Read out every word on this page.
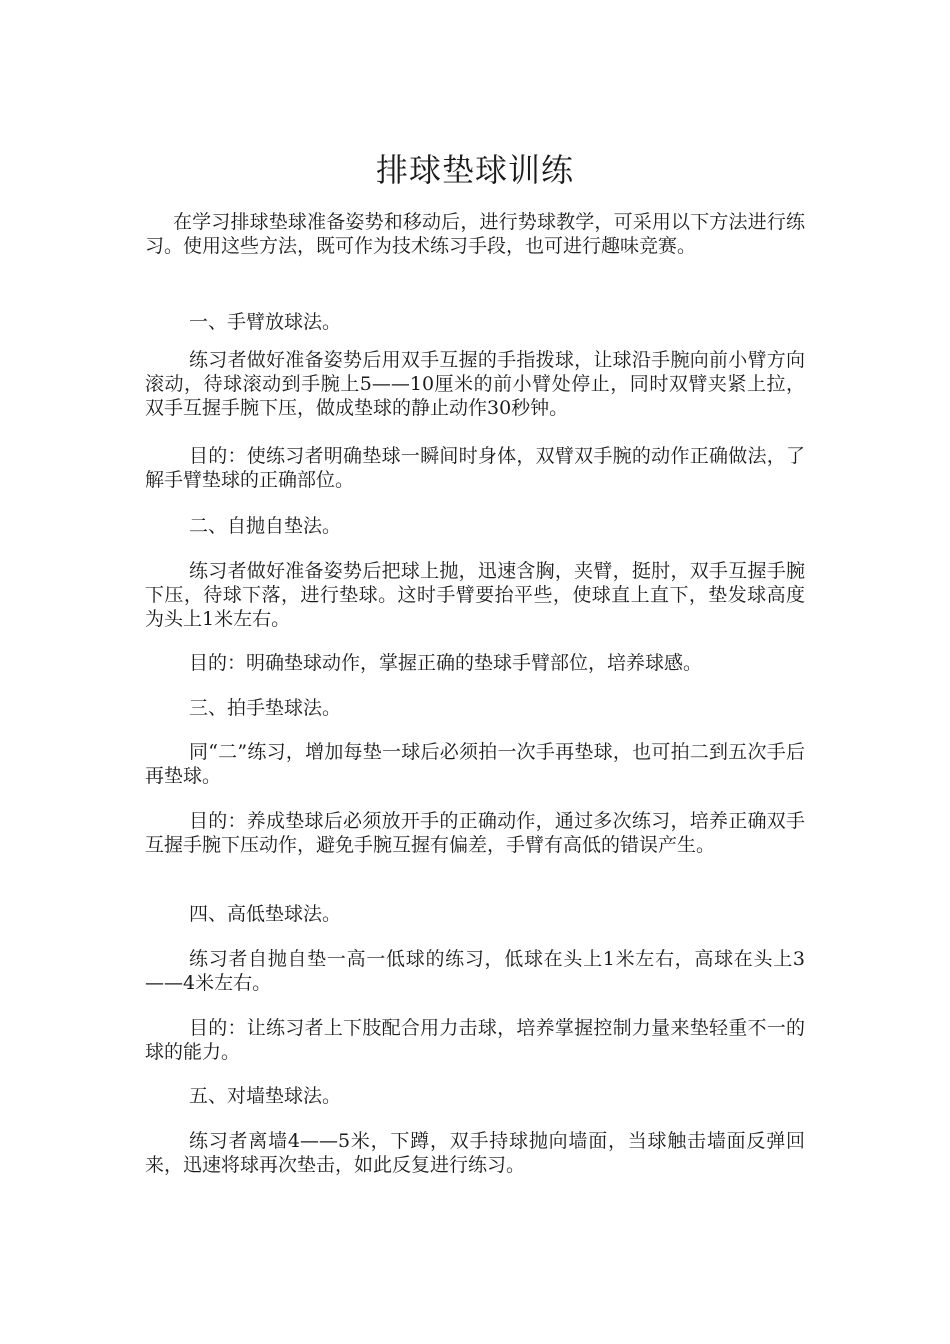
排球垫球训练

在学习排球垫球准备姿势和移动后，进行势球教学，可采用以下方法进行练习。使用这些方法，既可作为技术练习手段，也可进行趣味竞赛。

一、手臂放球法。

练习者做好准备姿势后用双手互握的手指拨球，让球沿手腕向前小臂方向滚动，待球滚动到手腕上5——10厘米的前小臂处停止，同时双臂夹紧上拉，双手互握手腕下压，做成垫球的静止动作30秒钟。

目的：使练习者明确垫球一瞬间时身体，双臂双手腕的动作正确做法，了解手臂垫球的正确部位。

二、自抛自垫法。

练习者做好准备姿势后把球上抛，迅速含胸，夹臂，挺肘，双手互握手腕下压，待球下落，进行垫球。这时手臂要抬平些，使球直上直下，垫发球高度为头上1米左右。

目的：明确垫球动作，掌握正确的垫球手臂部位，培养球感。

三、拍手垫球法。

同“二”练习，增加每垫一球后必须拍一次手再垫球，也可拍二到五次手后再垫球。

目的：养成垫球后必须放开手的正确动作，通过多次练习，培养正确双手互握手腕下压动作，避免手腕互握有偏差，手臂有高低的错误产生。

四、高低垫球法。

练习者自抛自垫一高一低球的练习，低球在头上1米左右，高球在头上3——4米左右。

目的：让练习者上下肢配合用力击球，培养掌握控制力量来垫轻重不一的球的能力。

五、对墙垫球法。

练习者离墙4——5米，下蹲，双手持球抛向墙面，当球触击墙面反弹回来，迅速将球再次垫击，如此反复进行练习。
